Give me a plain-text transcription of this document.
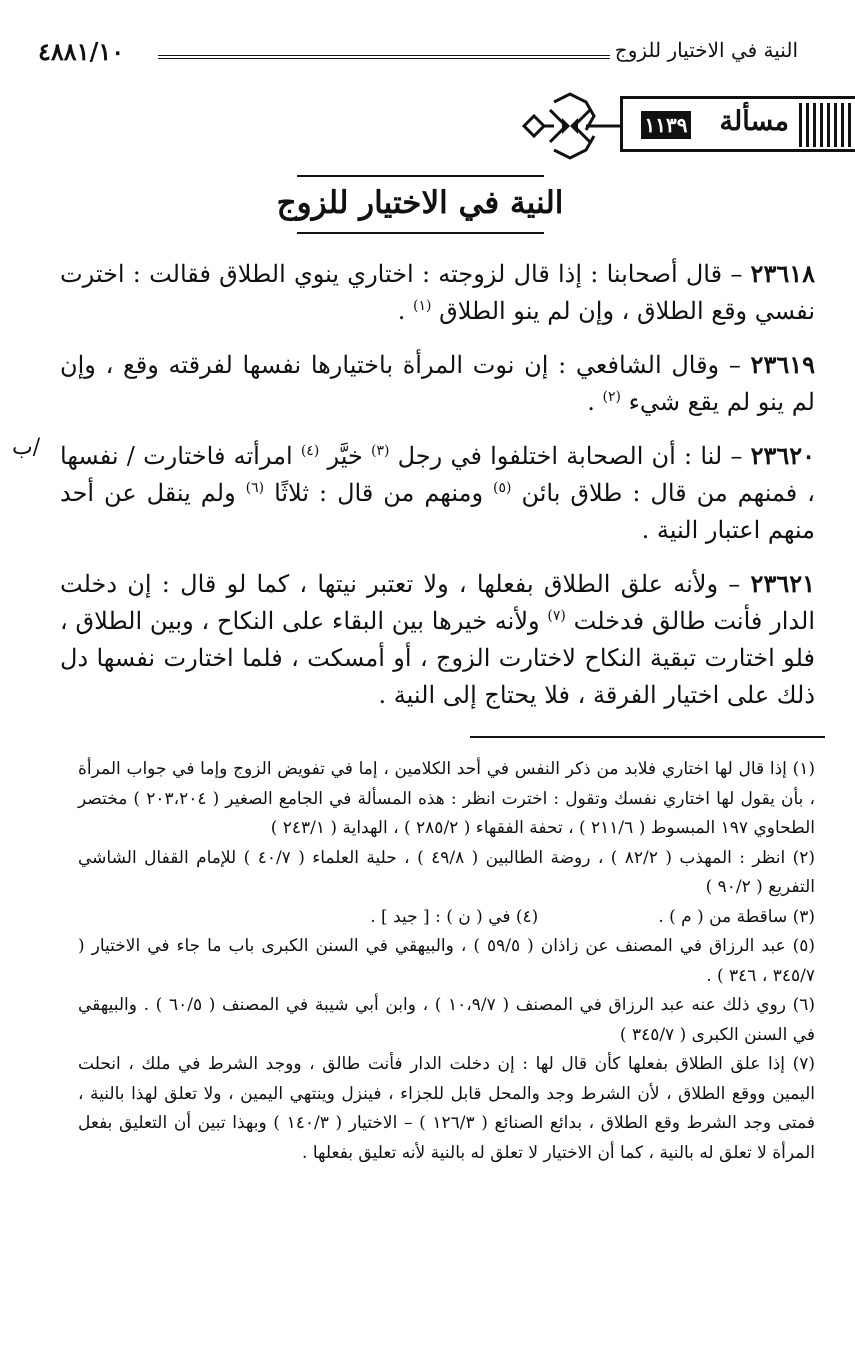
٤٨٨١/١٠	النية في الاختيار للزوج
مسألة
١١٣٩
النية في الاختيار للزوج
/ب

٢٣٦١٨ – قال أصحابنا : إذا قال لزوجته : اختاري ينوي الطلاق فقالت : اخترت نفسي وقع الطلاق ، وإن لم ينو الطلاق $^{(١)}$ .

٢٣٦١٩ – وقال الشافعي : إن نوت المرأة باختيارها نفسها لفرقته وقع ، وإن لم ينو لم يقع شيء $^{(٢)}$ .

٢٣٦٢٠ – لنا : أن الصحابة اختلفوا في رجل $^{(٣)}$ خيَّر $^{(٤)}$ امرأته فاختارت / نفسها ، فمنهم من قال : طلاق بائن $^{(٥)}$ ومنهم من قال : ثلاثًا $^{(٦)}$ ولم ينقل عن أحد منهم اعتبار النية .

٢٣٦٢١ – ولأنه علق الطلاق بفعلها ، ولا تعتبر نيتها ، كما لو قال : إن دخلت الدار فأنت طالق فدخلت $^{(٧)}$ ولأنه خيرها بين البقاء على النكاح ، وبين الطلاق ، فلو اختارت تبقية النكاح لاختارت الزوج ، أو أمسكت ، فلما اختارت نفسها دل ذلك على اختيار الفرقة ، فلا يحتاج إلى النية .

(١) إذا قال لها اختاري فلابد من ذكر النفس في أحد الكلامين ، إما في تفويض الزوج وإما في جواب المرأة ، بأن يقول لها اختاري نفسك وتقول : اخترت انظر : هذه المسألة في الجامع الصغير ( ٢٠٣،٢٠٤ ) مختصر الطحاوي ١٩٧ المبسوط ( ٢١١/٦ ) ، تحفة الفقهاء ( ٢٨٥/٢ ) ، الهداية ( ٢٤٣/١ )

(٢) انظر : المهذب ( ٨٢/٢ ) ، روضة الطالبين ( ٤٩/٨ ) ، حلية العلماء ( ٤٠/٧ ) للإمام القفال الشاشي التفريع ( ٩٠/٢ )

(٣) ساقطة من ( م ) .
(٤) في ( ن ) : [ جيد ] .

(٥) عبد الرزاق في المصنف عن زاذان ( ٥٩/٥ ) ، والبيهقي في السنن الكبرى باب ما جاء في الاختيار ( ٣٤٥/٧ ، ٣٤٦ ) .

(٦) روي ذلك عنه عبد الرزاق في المصنف ( ١٠،٩/٧ ) ، وابن أبي شيبة في المصنف ( ٦٠/٥ ) . والبيهقي في السنن الكبرى ( ٣٤٥/٧ )

(٧) إذا علق الطلاق بفعلها كأن قال لها : إن دخلت الدار فأنت طالق ، ووجد الشرط في ملك ، انحلت اليمين ووقع الطلاق ، لأن الشرط وجد والمحل قابل للجزاء ، فينزل وينتهي اليمين ، ولا تعلق لهذا بالنية ، فمتى وجد الشرط وقع الطلاق ، بدائع الصنائع ( ١٢٦/٣ ) – الاختيار ( ١٤٠/٣ ) وبهذا تبين أن التعليق بفعل المرأة لا تعلق له بالنية ، كما أن الاختيار لا تعلق له بالنية لأنه تعليق بفعلها .
